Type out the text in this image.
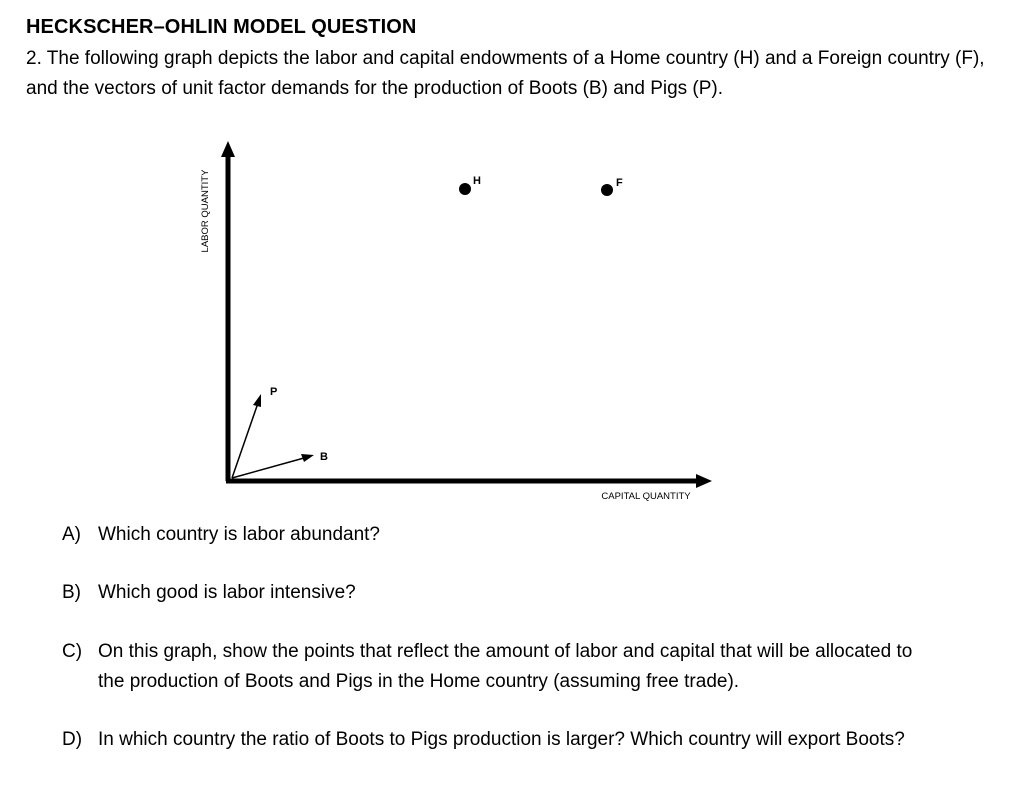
HECKSCHER–OHLIN MODEL QUESTION
2. The following graph depicts the labor and capital endowments of a Home country (H) and a Foreign country (F), and the vectors of unit factor demands for the production of Boots (B) and Pigs (P).
LABOR QUANTITY
CAPITAL QUANTITY
P
B
H	F
A) Which country is labor abundant?
B) Which good is labor intensive?
C) On this graph, show the points that reflect the amount of labor and capital that will be allocated to the production of Boots and Pigs in the Home country (assuming free trade).
D) In which country the ratio of Boots to Pigs production is larger? Which country will export Boots?
